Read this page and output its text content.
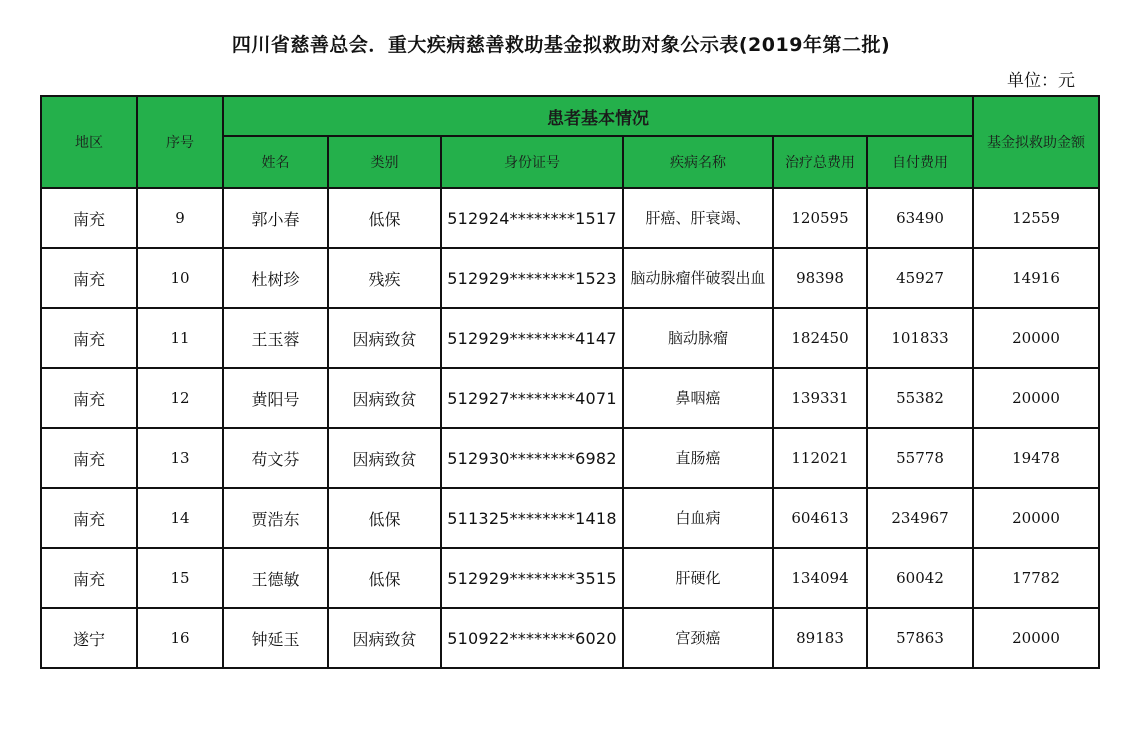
四川省慈善总会．重大疾病慈善救助基金拟救助对象公示表(2019年第二批)
单位：元
地区	序号	患者基本情况						基金拟救助金额
		姓名	类别	身份证号	疾病名称	治疗总费用	自付费用	
南充	9	郭小春	低保	512924********1517	肝癌、肝衰竭、	120595	63490	12559
南充	10	杜树珍	残疾	512929********1523	脑动脉瘤伴破裂出血	98398	45927	14916
南充	11	王玉蓉	因病致贫	512929********4147	脑动脉瘤	182450	101833	20000
南充	12	黄阳号	因病致贫	512927********4071	鼻咽癌	139331	55382	20000
南充	13	苟文芬	因病致贫	512930********6982	直肠癌	112021	55778	19478
南充	14	贾浩东	低保	511325********1418	白血病	604613	234967	20000
南充	15	王德敏	低保	512929********3515	肝硬化	134094	60042	17782
遂宁	16	钟延玉	因病致贫	510922********6020	宫颈癌	89183	57863	20000
